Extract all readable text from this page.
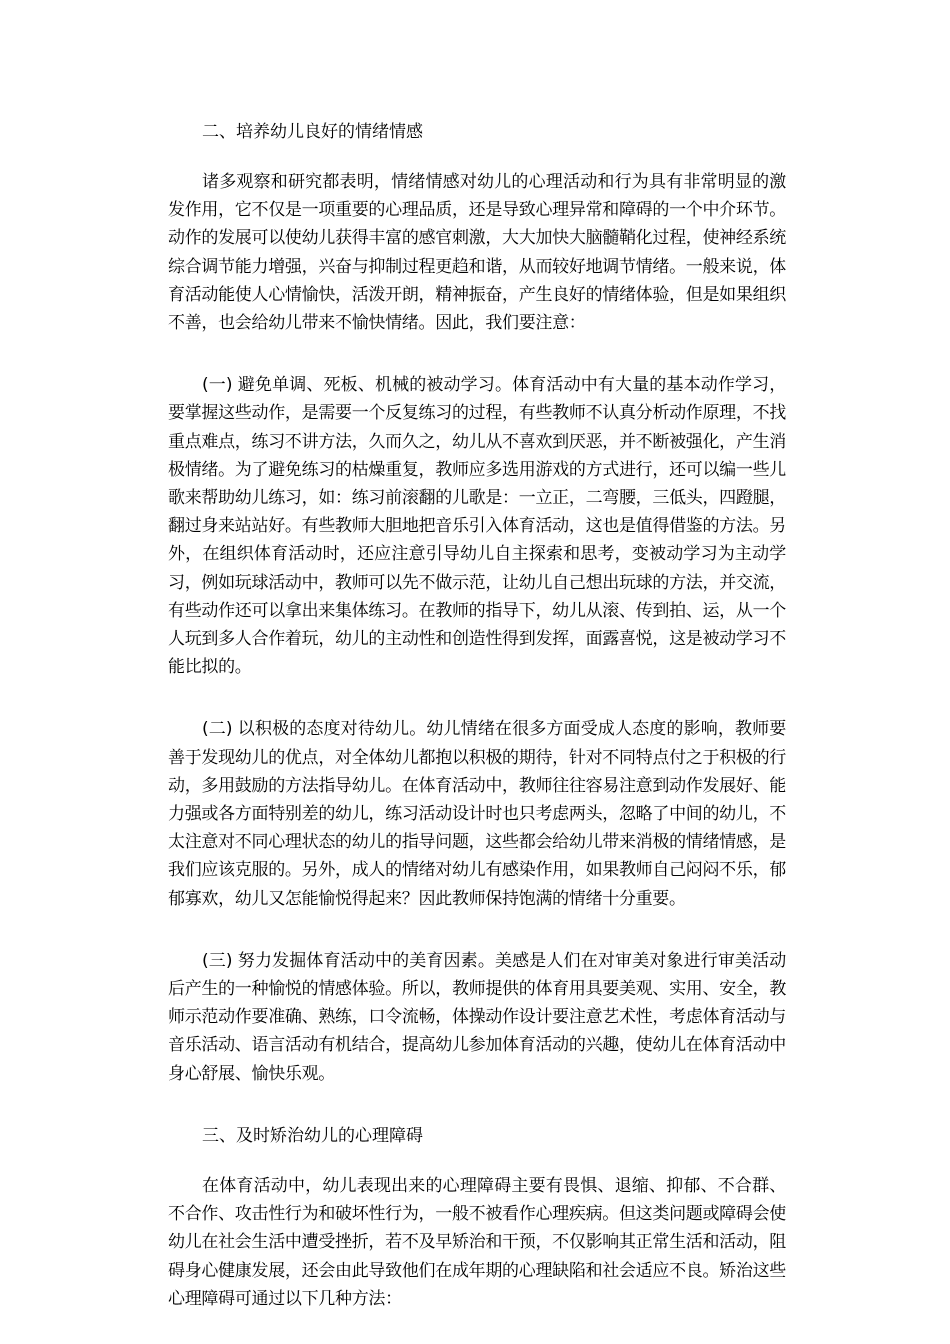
二、培养幼儿良好的情绪情感

诸多观察和研究都表明，情绪情感对幼儿的心理活动和行为具有非常明显的激发作用，它不仅是一项重要的心理品质，还是导致心理异常和障碍的一个中介环节。动作的发展可以使幼儿获得丰富的感官刺激，大大加快大脑髓鞘化过程，使神经系统综合调节能力增强，兴奋与抑制过程更趋和谐，从而较好地调节情绪。一般来说，体育活动能使人心情愉快，活泼开朗，精神振奋，产生良好的情绪体验，但是如果组织不善，也会给幼儿带来不愉快情绪。因此，我们要注意：

(一) 避免单调、死板、机械的被动学习。体育活动中有大量的基本动作学习，要掌握这些动作，是需要一个反复练习的过程，有些教师不认真分析动作原理，不找重点难点，练习不讲方法，久而久之，幼儿从不喜欢到厌恶，并不断被强化，产生消极情绪。为了避免练习的枯燥重复，教师应多选用游戏的方式进行，还可以编一些儿歌来帮助幼儿练习，如：练习前滚翻的儿歌是：一立正，二弯腰，三低头，四蹬腿，翻过身来站站好。有些教师大胆地把音乐引入体育活动，这也是值得借鉴的方法。另外，在组织体育活动时，还应注意引导幼儿自主探索和思考，变被动学习为主动学习，例如玩球活动中，教师可以先不做示范，让幼儿自己想出玩球的方法，并交流，有些动作还可以拿出来集体练习。在教师的指导下，幼儿从滚、传到拍、运，从一个人玩到多人合作着玩，幼儿的主动性和创造性得到发挥，面露喜悦，这是被动学习不能比拟的。

(二) 以积极的态度对待幼儿。幼儿情绪在很多方面受成人态度的影响，教师要善于发现幼儿的优点，对全体幼儿都抱以积极的期待，针对不同特点付之于积极的行动，多用鼓励的方法指导幼儿。在体育活动中，教师往往容易注意到动作发展好、能力强或各方面特别差的幼儿，练习活动设计时也只考虑两头，忽略了中间的幼儿，不太注意对不同心理状态的幼儿的指导问题，这些都会给幼儿带来消极的情绪情感，是我们应该克服的。另外，成人的情绪对幼儿有感染作用，如果教师自己闷闷不乐，郁郁寡欢，幼儿又怎能愉悦得起来？因此教师保持饱满的情绪十分重要。

(三) 努力发掘体育活动中的美育因素。美感是人们在对审美对象进行审美活动后产生的一种愉悦的情感体验。所以，教师提供的体育用具要美观、实用、安全，教师示范动作要准确、熟练，口令流畅，体操动作设计要注意艺术性，考虑体育活动与音乐活动、语言活动有机结合，提高幼儿参加体育活动的兴趣，使幼儿在体育活动中身心舒展、愉快乐观。

三、及时矫治幼儿的心理障碍

在体育活动中，幼儿表现出来的心理障碍主要有畏惧、退缩、抑郁、不合群、不合作、攻击性行为和破坏性行为，一般不被看作心理疾病。但这类问题或障碍会使幼儿在社会生活中遭受挫折，若不及早矫治和干预，不仅影响其正常生活和活动，阻碍身心健康发展，还会由此导致他们在成年期的心理缺陷和社会适应不良。矫治这些心理障碍可通过以下几种方法：
